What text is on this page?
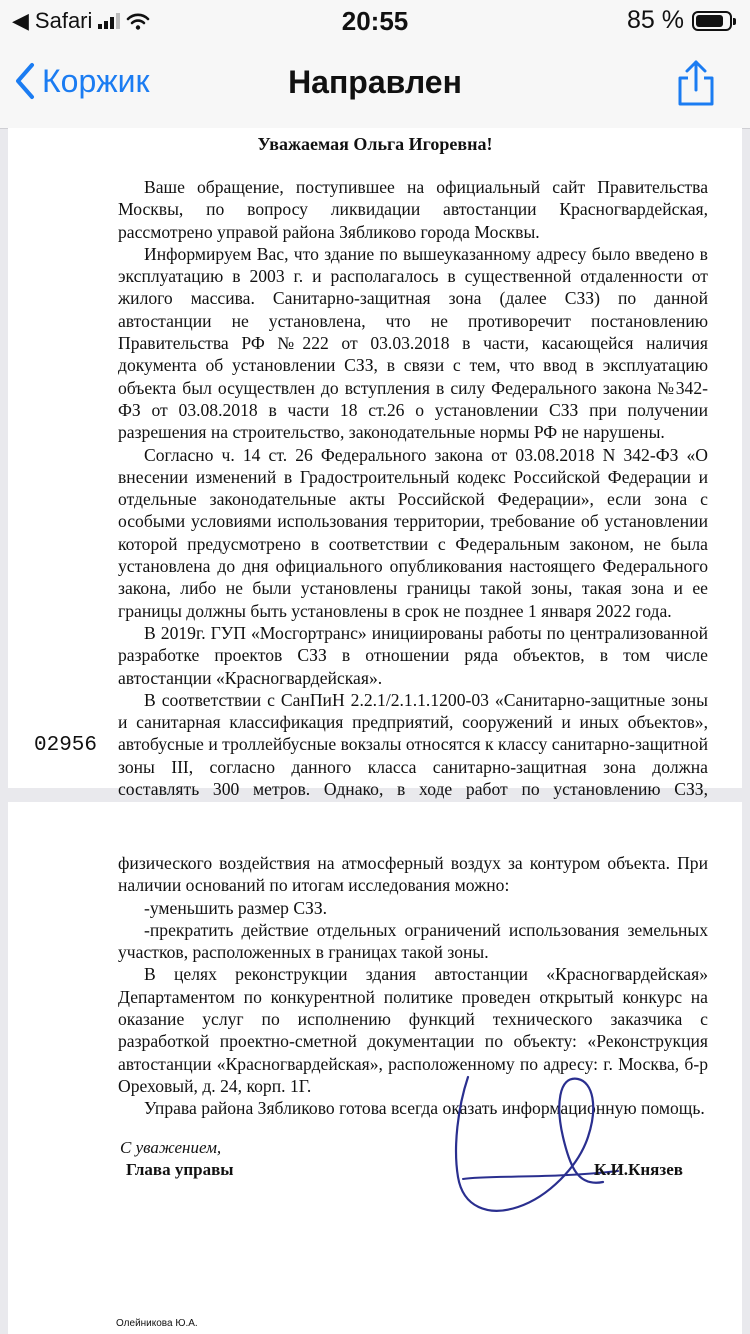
◀ Safari	20:55	85 %
Коржик	Направлен
Уважаемая Ольга Игоревна!

Ваше обращение, поступившее на официальный сайт Правительства Москвы, по вопросу ликвидации автостанции Красногвардейская, рассмотрено управой района Зябликово города Москвы.

Информируем Вас, что здание по вышеуказанному адресу было введено в эксплуатацию в 2003 г. и располагалось в существенной отдаленности от жилого массива. Санитарно-защитная зона (далее СЗЗ) по данной автостанции не установлена, что не противоречит постановлению Правительства РФ №222 от 03.03.2018 в части, касающейся наличия документа об установлении СЗЗ, в связи с тем, что ввод в эксплуатацию объекта был осуществлен до вступления в силу Федерального закона №342-ФЗ от 03.08.2018 в части 18 ст.26 о установлении СЗЗ при получении разрешения на строительство, законодательные нормы РФ не нарушены.

Согласно ч. 14 ст. 26 Федерального закона от 03.08.2018 N 342-ФЗ «О внесении изменений в Градостроительный кодекс Российской Федерации и отдельные законодательные акты Российской Федерации», если зона с особыми условиями использования территории, требование об установлении которой предусмотрено в соответствии с Федеральным законом, не была установлена до дня официального опубликования настоящего Федерального закона, либо не были установлены границы такой зоны, такая зона и ее границы должны быть установлены в срок не позднее 1 января 2022 года.

В 2019г. ГУП «Мосгортранс» инициированы работы по централизованной разработке проектов СЗЗ в отношении ряда объектов, в том числе автостанции «Красногвардейская».

В соответствии с СанПиН 2.2.1/2.1.1.1200-03 «Санитарно-защитные зоны и санитарная классификация предприятий, сооружений и иных объектов», автобусные и троллейбусные вокзалы относятся к классу санитарно-защитной зоны III, согласно данного класса санитарно-защитная зона должна составлять 300 метров. Однако, в ходе работ по установлению СЗЗ,

02956

физического воздействия на атмосферный воздух за контуром объекта. При наличии оснований по итогам исследования можно:

-уменьшить размер СЗЗ.

-прекратить действие отдельных ограничений использования земельных участков, расположенных в границах такой зоны.

В целях реконструкции здания автостанции «Красногвардейская» Департаментом по конкурентной политике проведен открытый конкурс на оказание услуг по исполнению функций технического заказчика с разработкой проектно-сметной документации по объекту: «Реконструкция автостанции «Красногвардейская», расположенному по адресу: г. Москва, б-р Ореховый, д. 24, корп. 1Г.

Управа района Зябликово готова всегда оказать информационную помощь.

С уважением,
Глава управы	К.И.Князев
Олейникова Ю.А.
